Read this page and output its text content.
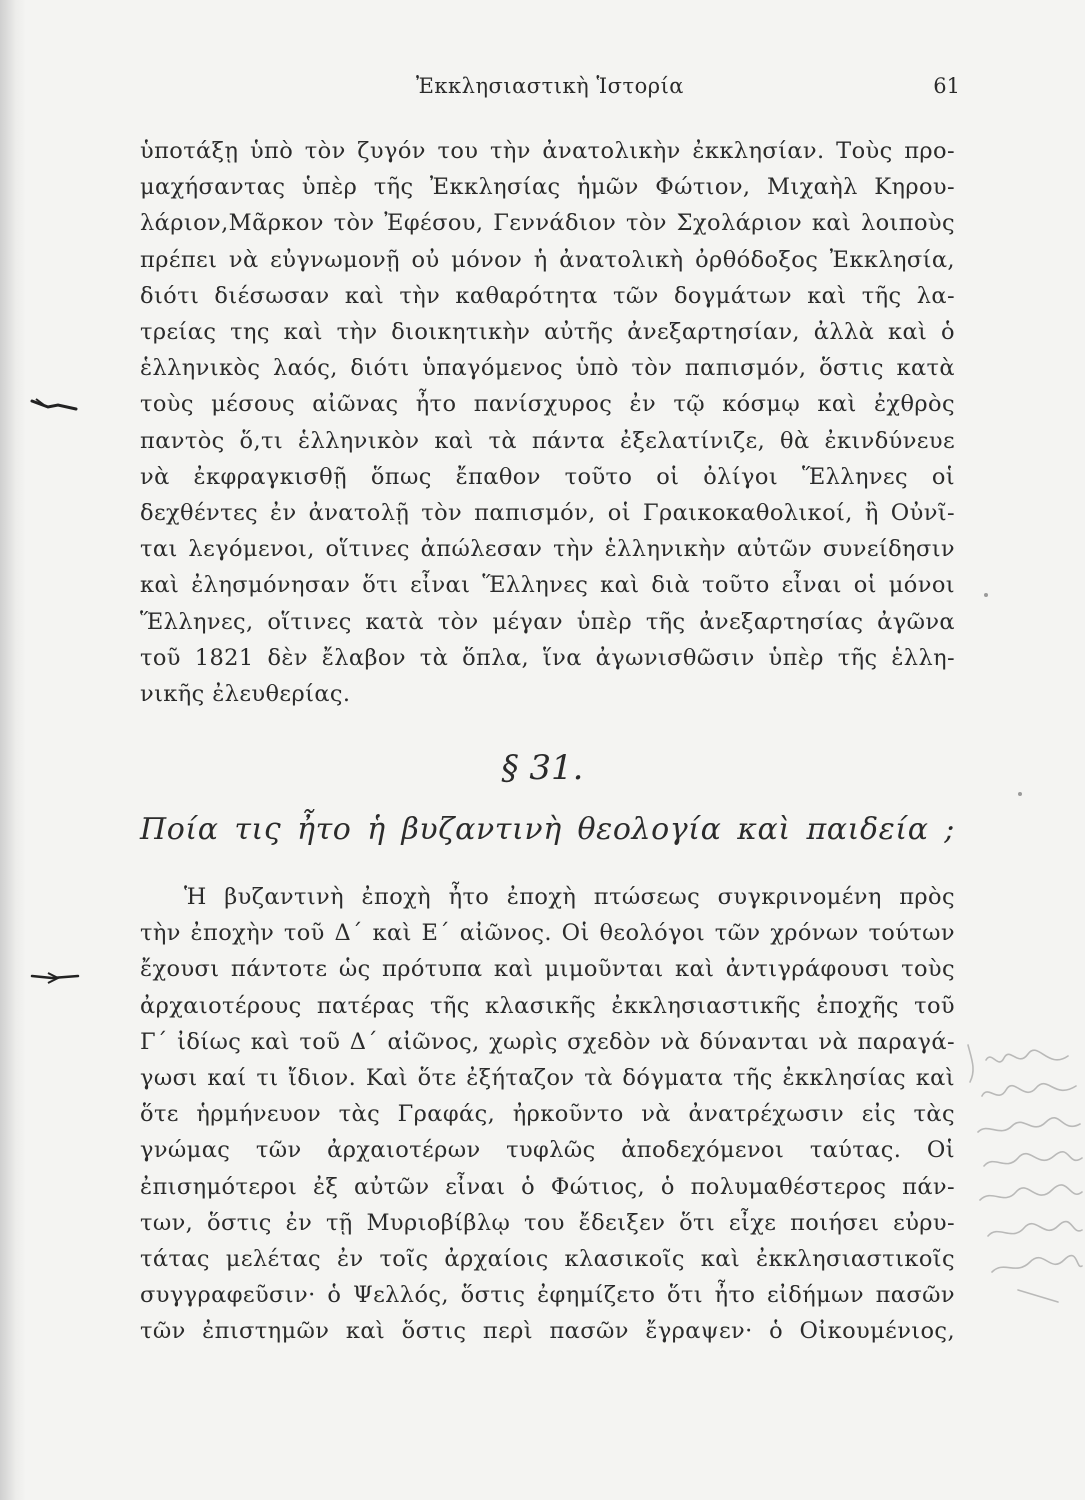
Ἐκκλησιαστικὴ Ἱστορία	61
ὑποτάξῃ ὑπὸ τὸν ζυγόν του τὴν ἀνατολικὴν ἐκκλησίαν. Τοὺς προ-
μαχήσαντας ὑπὲρ τῆς Ἐκκλησίας ἡμῶν Φώτιον, Μιχαὴλ Κηρου-
λάριον,Μᾶρκον τὸν Ἐφέσου, Γεννάδιον τὸν Σχολάριον καὶ λοιποὺς
πρέπει νὰ εὐγνωμονῇ οὐ μόνον ἡ ἀνατολικὴ ὀρθόδοξος Ἐκκλησία,
διότι διέσωσαν καὶ τὴν καθαρότητα τῶν δογμάτων καὶ τῆς λα-
τρείας της καὶ τὴν διοικητικὴν αὐτῆς ἀνεξαρτησίαν, ἀλλὰ καὶ ὁ
ἑλληνικὸς λαός, διότι ὑπαγόμενος ὑπὸ τὸν παπισμόν, ὅστις κατὰ
τοὺς μέσους αἰῶνας ἦτο πανίσχυρος ἐν τῷ κόσμῳ καὶ ἐχθρὸς
παντὸς ὅ,τι ἑλληνικὸν καὶ τὰ πάντα ἐξελατίνιζε, θὰ ἐκινδύνευε
νὰ ἐκφραγκισθῇ ὅπως ἔπαθον τοῦτο οἱ ὀλίγοι Ἕλληνες οἱ
δεχθέντες ἐν ἀνατολῇ τὸν παπισμόν, οἱ Γραικοκαθολικοί, ἢ Οὐνῖ-
ται λεγόμενοι, οἵτινες ἀπώλεσαν τὴν ἑλληνικὴν αὐτῶν συνείδησιν
καὶ ἐλησμόνησαν ὅτι εἶναι Ἕλληνες καὶ διὰ τοῦτο εἶναι οἱ μόνοι
Ἕλληνες, οἵτινες κατὰ τὸν μέγαν ὑπὲρ τῆς ἀνεξαρτησίας ἀγῶνα
τοῦ 1821 δὲν ἔλαβον τὰ ὅπλα, ἵνα ἀγωνισθῶσιν ὑπὲρ τῆς ἑλλη-
νικῆς ἐλευθερίας.
§ 31.
Ποία τις ἦτο ἡ βυζαντινὴ θεολογία καὶ παιδεία ;
Ἡ βυζαντινὴ ἐποχὴ ἦτο ἐποχὴ πτώσεως συγκρινομένη πρὸς
τὴν ἐποχὴν τοῦ Δ΄ καὶ Ε΄ αἰῶνος. Οἱ θεολόγοι τῶν χρόνων τούτων
ἔχουσι πάντοτε ὡς πρότυπα καὶ μιμοῦνται καὶ ἀντιγράφουσι τοὺς
ἀρχαιοτέρους πατέρας τῆς κλασικῆς ἐκκλησιαστικῆς ἐποχῆς τοῦ
Γ΄ ἰδίως καὶ τοῦ Δ΄ αἰῶνος, χωρὶς σχεδὸν νὰ δύνανται νὰ παραγά-
γωσι καί τι ἴδιον. Καὶ ὅτε ἐξήταζον τὰ δόγματα τῆς ἐκκλησίας καὶ
ὅτε ἡρμήνευον τὰς Γραφάς, ἠρκοῦντο νὰ ἀνατρέχωσιν εἰς τὰς
γνώμας τῶν ἀρχαιοτέρων τυφλῶς ἀποδεχόμενοι ταύτας. Οἱ
ἐπισημότεροι ἐξ αὐτῶν εἶναι ὁ Φώτιος, ὁ πολυμαθέστερος πάν-
των, ὅστις ἐν τῇ Μυριοβίβλῳ του ἔδειξεν ὅτι εἶχε ποιήσει εὐρυ-
τάτας μελέτας ἐν τοῖς ἀρχαίοις κλασικοῖς καὶ ἐκκλησιαστικοῖς
συγγραφεῦσιν· ὁ Ψελλός, ὅστις ἐφημίζετο ὅτι ἦτο εἰδήμων πασῶν
τῶν ἐπιστημῶν καὶ ὅστις περὶ πασῶν ἔγραψεν· ὁ Οἰκουμένιος,
